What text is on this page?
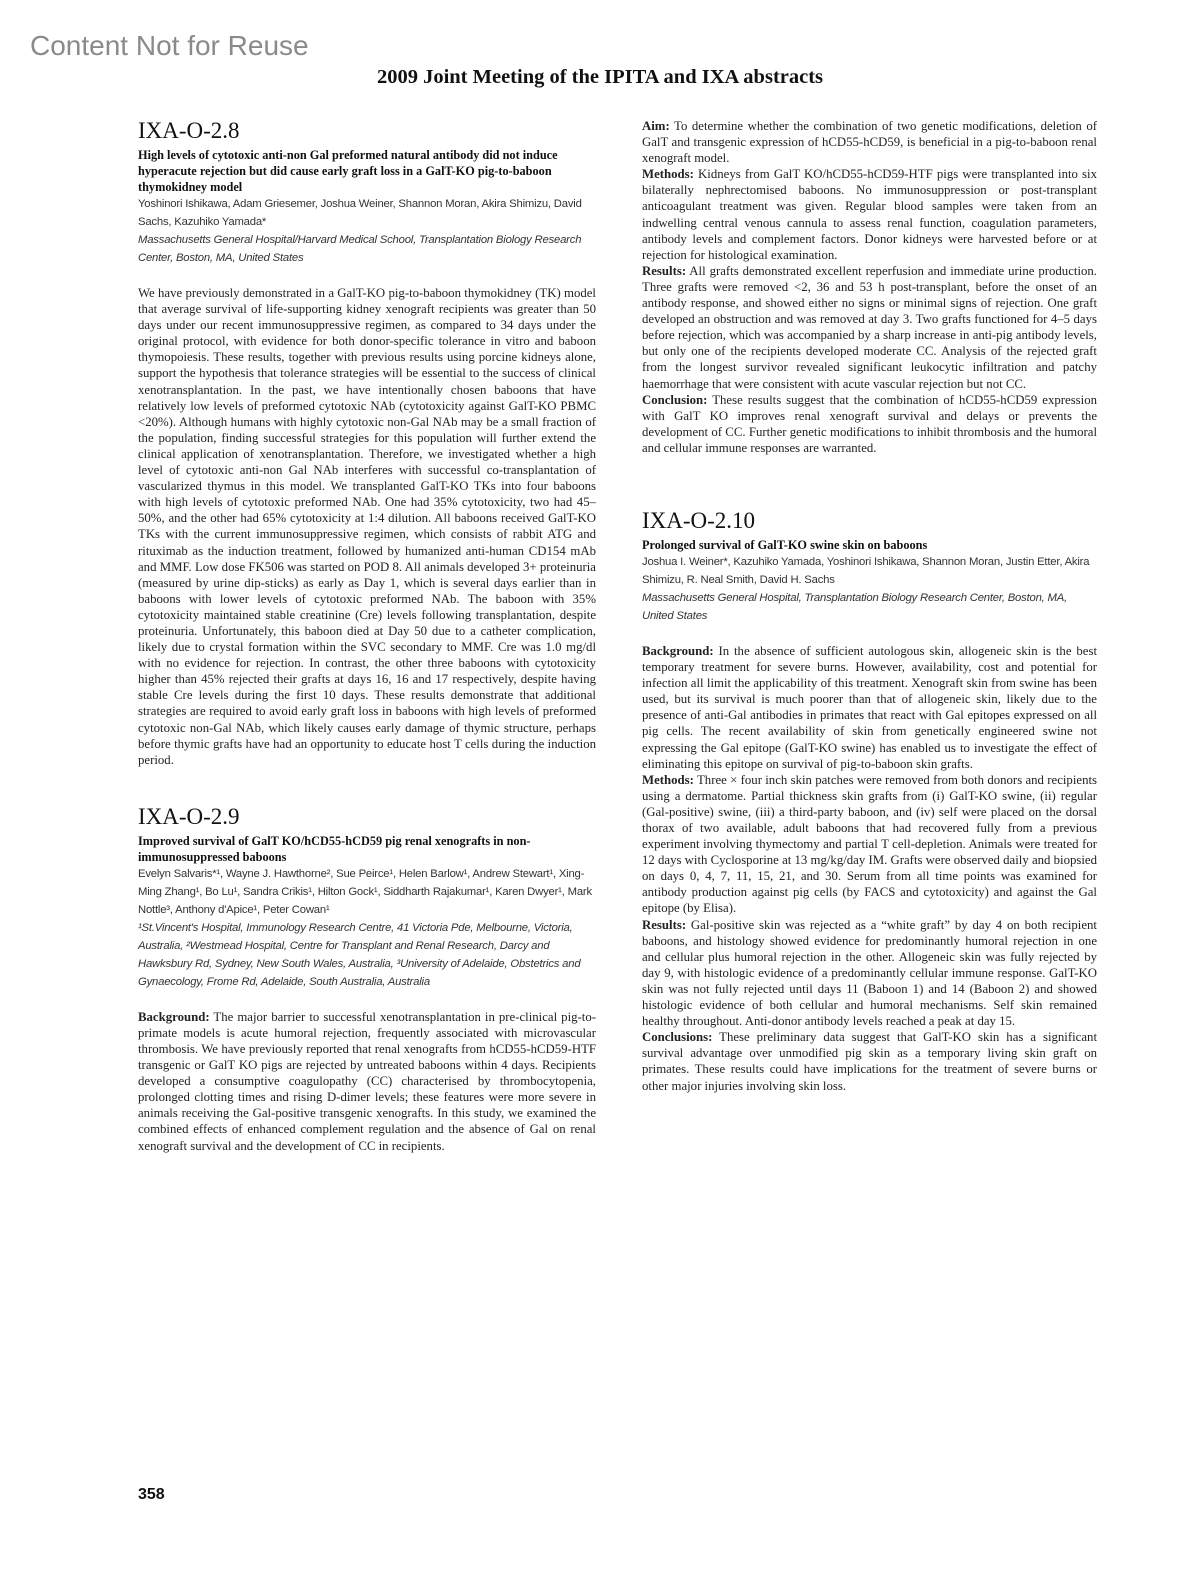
Content Not for Reuse
2009 Joint Meeting of the IPITA and IXA abstracts
IXA-O-2.8

High levels of cytotoxic anti-non Gal preformed natural antibody did not induce hyperacute rejection but did cause early graft loss in a GalT-KO pig-to-baboon thymokidney model

Yoshinori Ishikawa, Adam Griesemer, Joshua Weiner, Shannon Moran, Akira Shimizu, David Sachs, Kazuhiko Yamada*

Massachusetts General Hospital/Harvard Medical School, Transplantation Biology Research Center, Boston, MA, United States

We have previously demonstrated in a GalT-KO pig-to-baboon thymokidney (TK) model that average survival of life-supporting kidney xenograft recipients was greater than 50 days under our recent immunosuppressive regimen, as compared to 34 days under the original protocol, with evidence for both donor-specific tolerance in vitro and baboon thymopoiesis. These results, together with previous results using porcine kidneys alone, support the hypothesis that tolerance strategies will be essential to the success of clinical xenotransplantation. In the past, we have intentionally chosen baboons that have relatively low levels of preformed cytotoxic NAb (cytotoxicity against GalT-KO PBMC <20%). Although humans with highly cytotoxic non-Gal NAb may be a small fraction of the population, finding successful strategies for this population will further extend the clinical application of xenotransplantation. Therefore, we investigated whether a high level of cytotoxic anti-non Gal NAb interferes with successful co-transplantation of vascularized thymus in this model. We transplanted GalT-KO TKs into four baboons with high levels of cytotoxic preformed NAb. One had 35% cytotoxicity, two had 45–50%, and the other had 65% cytotoxicity at 1:4 dilution. All baboons received GalT-KO TKs with the current immunosuppressive regimen, which consists of rabbit ATG and rituximab as the induction treatment, followed by humanized anti-human CD154 mAb and MMF. Low dose FK506 was started on POD 8. All animals developed 3+ proteinuria (measured by urine dip-sticks) as early as Day 1, which is several days earlier than in baboons with lower levels of cytotoxic preformed NAb. The baboon with 35% cytotoxicity maintained stable creatinine (Cre) levels following transplantation, despite proteinuria. Unfortunately, this baboon died at Day 50 due to a catheter complication, likely due to crystal formation within the SVC secondary to MMF. Cre was 1.0 mg/dl with no evidence for rejection. In contrast, the other three baboons with cytotoxicity higher than 45% rejected their grafts at days 16, 16 and 17 respectively, despite having stable Cre levels during the first 10 days. These results demonstrate that additional strategies are required to avoid early graft loss in baboons with high levels of preformed cytotoxic non-Gal NAb, which likely causes early damage of thymic structure, perhaps before thymic grafts have had an opportunity to educate host T cells during the induction period.

IXA-O-2.9

Improved survival of GalT KO/hCD55-hCD59 pig renal xenografts in non-immunosuppressed baboons

Evelyn Salvaris*¹, Wayne J. Hawthorne², Sue Peirce¹, Helen Barlow¹, Andrew Stewart¹, Xing-Ming Zhang¹, Bo Lu¹, Sandra Crikis¹, Hilton Gock¹, Siddharth Rajakumar¹, Karen Dwyer¹, Mark Nottle³, Anthony d'Apice¹, Peter Cowan¹

¹St.Vincent's Hospital, Immunology Research Centre, 41 Victoria Pde, Melbourne, Victoria, Australia, ²Westmead Hospital, Centre for Transplant and Renal Research, Darcy and Hawksbury Rd, Sydney, New South Wales, Australia, ³University of Adelaide, Obstetrics and Gynaecology, Frome Rd, Adelaide, South Australia, Australia

Background: The major barrier to successful xenotransplantation in pre-clinical pig-to-primate models is acute humoral rejection, frequently associated with microvascular thrombosis. We have previously reported that renal xenografts from hCD55-hCD59-HTF transgenic or GalT KO pigs are rejected by untreated baboons within 4 days. Recipients developed a consumptive coagulopathy (CC) characterised by thrombocytopenia, prolonged clotting times and rising D-dimer levels; these features were more severe in animals receiving the Gal-positive transgenic xenografts. In this study, we examined the combined effects of enhanced complement regulation and the absence of Gal on renal xenograft survival and the development of CC in recipients.

Aim: To determine whether the combination of two genetic modifications, deletion of GalT and transgenic expression of hCD55-hCD59, is beneficial in a pig-to-baboon renal xenograft model.

Methods: Kidneys from GalT KO/hCD55-hCD59-HTF pigs were transplanted into six bilaterally nephrectomised baboons. No immunosuppression or post-transplant anticoagulant treatment was given. Regular blood samples were taken from an indwelling central venous cannula to assess renal function, coagulation parameters, antibody levels and complement factors. Donor kidneys were harvested before or at rejection for histological examination.

Results: All grafts demonstrated excellent reperfusion and immediate urine production. Three grafts were removed <2, 36 and 53 h post-transplant, before the onset of an antibody response, and showed either no signs or minimal signs of rejection. One graft developed an obstruction and was removed at day 3. Two grafts functioned for 4–5 days before rejection, which was accompanied by a sharp increase in anti-pig antibody levels, but only one of the recipients developed moderate CC. Analysis of the rejected graft from the longest survivor revealed significant leukocytic infiltration and patchy haemorrhage that were consistent with acute vascular rejection but not CC.

Conclusion: These results suggest that the combination of hCD55-hCD59 expression with GalT KO improves renal xenograft survival and delays or prevents the development of CC. Further genetic modifications to inhibit thrombosis and the humoral and cellular immune responses are warranted.

IXA-O-2.10

Prolonged survival of GalT-KO swine skin on baboons

Joshua I. Weiner*, Kazuhiko Yamada, Yoshinori Ishikawa, Shannon Moran, Justin Etter, Akira Shimizu, R. Neal Smith, David H. Sachs

Massachusetts General Hospital, Transplantation Biology Research Center, Boston, MA, United States

Background: In the absence of sufficient autologous skin, allogeneic skin is the best temporary treatment for severe burns. However, availability, cost and potential for infection all limit the applicability of this treatment. Xenograft skin from swine has been used, but its survival is much poorer than that of allogeneic skin, likely due to the presence of anti-Gal antibodies in primates that react with Gal epitopes expressed on all pig cells. The recent availability of skin from genetically engineered swine not expressing the Gal epitope (GalT-KO swine) has enabled us to investigate the effect of eliminating this epitope on survival of pig-to-baboon skin grafts.

Methods: Three × four inch skin patches were removed from both donors and recipients using a dermatome. Partial thickness skin grafts from (i) GalT-KO swine, (ii) regular (Gal-positive) swine, (iii) a third-party baboon, and (iv) self were placed on the dorsal thorax of two available, adult baboons that had recovered fully from a previous experiment involving thymectomy and partial T cell-depletion. Animals were treated for 12 days with Cyclosporine at 13 mg/kg/day IM. Grafts were observed daily and biopsied on days 0, 4, 7, 11, 15, 21, and 30. Serum from all time points was examined for antibody production against pig cells (by FACS and cytotoxicity) and against the Gal epitope (by Elisa).

Results: Gal-positive skin was rejected as a “white graft” by day 4 on both recipient baboons, and histology showed evidence for predominantly humoral rejection in one and cellular plus humoral rejection in the other. Allogeneic skin was fully rejected by day 9, with histologic evidence of a predominantly cellular immune response. GalT-KO skin was not fully rejected until days 11 (Baboon 1) and 14 (Baboon 2) and showed histologic evidence of both cellular and humoral mechanisms. Self skin remained healthy throughout. Anti-donor antibody levels reached a peak at day 15.

Conclusions: These preliminary data suggest that GalT-KO skin has a significant survival advantage over unmodified pig skin as a temporary living skin graft on primates. These results could have implications for the treatment of severe burns or other major injuries involving skin loss.

358
